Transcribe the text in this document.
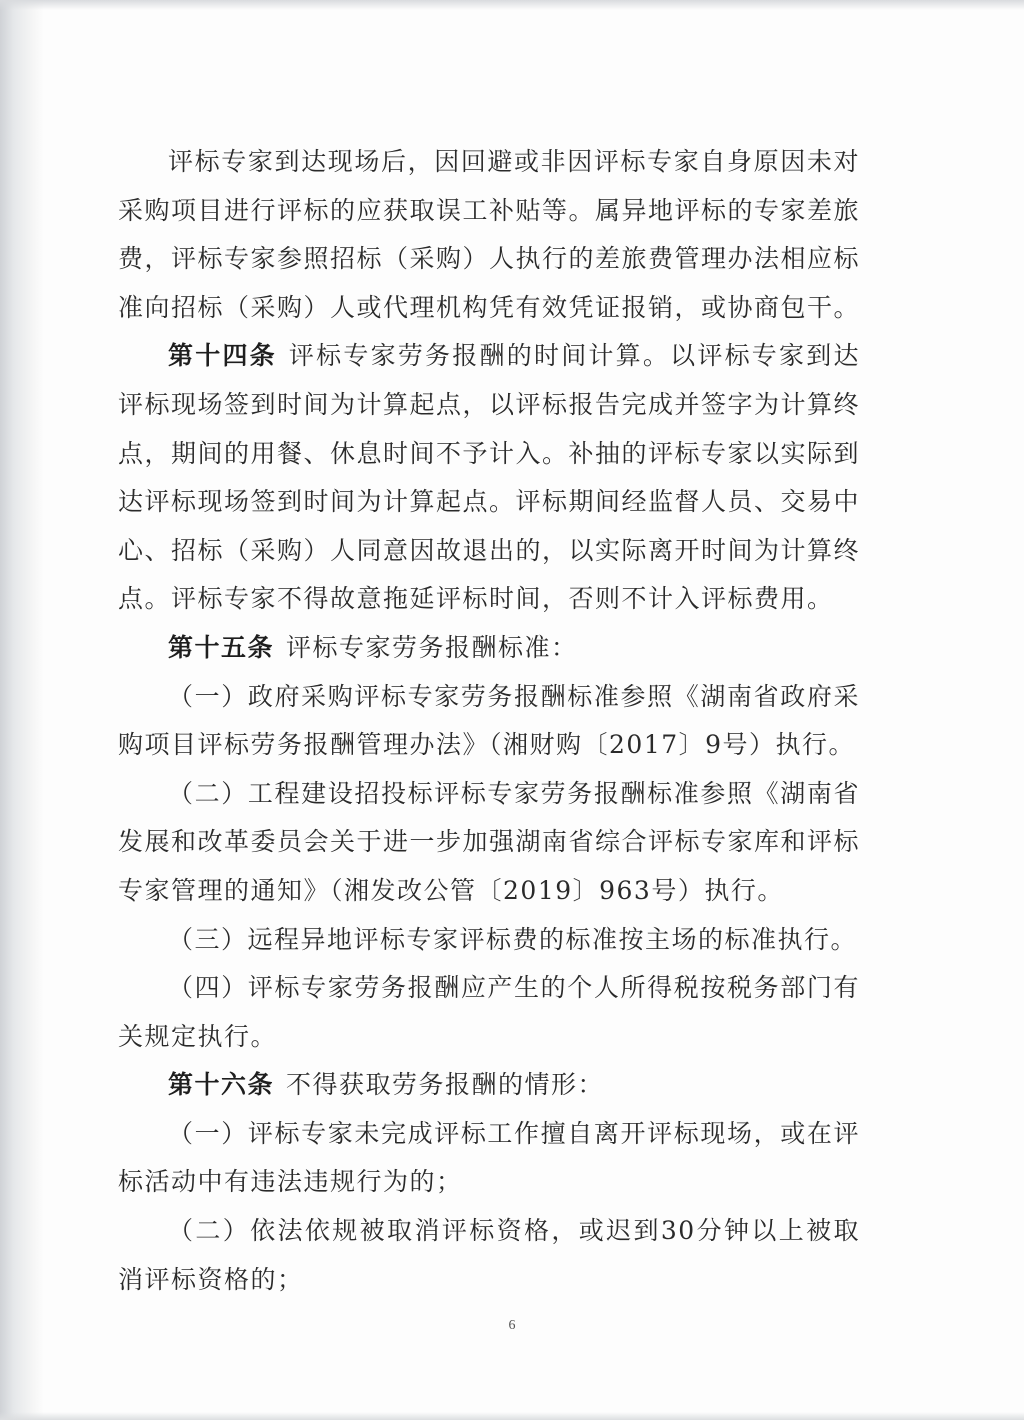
评标专家到达现场后，因回避或非因评标专家自身原因未对采购项目进行评标的应获取误工补贴等。属异地评标的专家差旅费，评标专家参照招标（采购）人执行的差旅费管理办法相应标准向招标（采购）人或代理机构凭有效凭证报销，或协商包干。

第十四条 评标专家劳务报酬的时间计算。以评标专家到达评标现场签到时间为计算起点，以评标报告完成并签字为计算终点，期间的用餐、休息时间不予计入。补抽的评标专家以实际到达评标现场签到时间为计算起点。评标期间经监督人员、交易中心、招标（采购）人同意因故退出的，以实际离开时间为计算终点。评标专家不得故意拖延评标时间，否则不计入评标费用。

第十五条 评标专家劳务报酬标准：

（一）政府采购评标专家劳务报酬标准参照《湖南省政府采购项目评标劳务报酬管理办法》（湘财购〔2017〕9号）执行。

（二）工程建设招投标评标专家劳务报酬标准参照《湖南省发展和改革委员会关于进一步加强湖南省综合评标专家库和评标专家管理的通知》（湘发改公管〔2019〕963号）执行。

（三）远程异地评标专家评标费的标准按主场的标准执行。

（四）评标专家劳务报酬应产生的个人所得税按税务部门有关规定执行。

第十六条 不得获取劳务报酬的情形：

（一）评标专家未完成评标工作擅自离开评标现场，或在评标活动中有违法违规行为的；

（二）依法依规被取消评标资格，或迟到30分钟以上被取消评标资格的；

6
